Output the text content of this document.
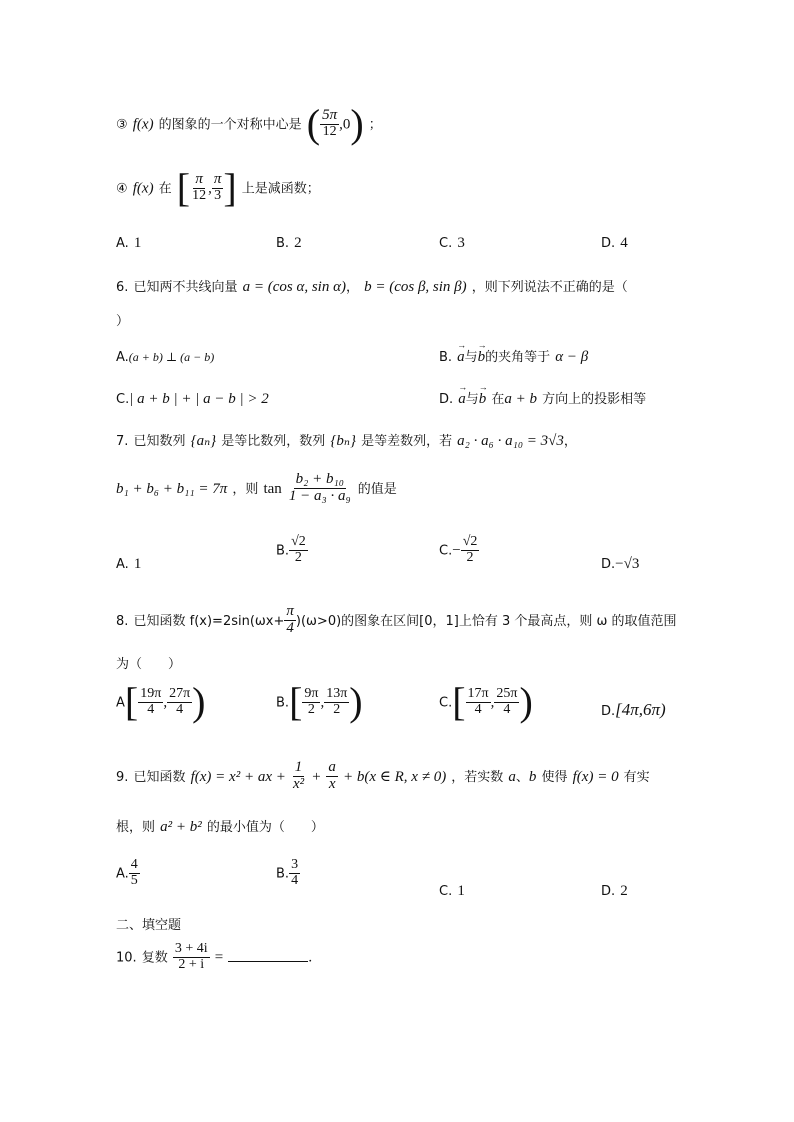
③ f(x) 的图象的一个对称中心是 ( $\frac{5\pi}{12} ,0$) ；
④ f(x) 在 [ $\frac{\pi}{12}$ , $\frac{\pi}{3}$ ] 上是减函数；
A. 1	B. 2	C. 3	D. 4
6. 已知两不共线向量 a = (cos α, sin α)， b = (cos β, sin β) ，则下列说法不正确的是（
）
A.(a + b) ⊥ (a − b)	B. → a与→ b的夹角等于 α − β
C.| a + b | + | a − b | > 2	D. → a与→ b 在a + b 方向上的投影相等
7. 已知数列 {aₙ} 是等比数列，数列 {bₙ} 是等差数列，若 a₂ · a₆ · a₁₀ = 3√3，
b₁ + b₆ + b₁₁ = 7π ，则 $\tan \frac{\text{b₂ + b₁₀}}{\text{1 − a₃ · a₉}}$ 的值是
A. 1
B. $\frac{√2}{2}$	$C.- \frac{√2}{2}$	D.−√3
8. 已知函数 $f(x)=2\sin(\omega x+ \frac{\pi}{4} )(\omega>0)$的图象在区间[0，1]上恰有 3 个最高点，则 ω 的取值范围
为（　　）
$A[ \frac{19\pi}{4}$ , $\frac{27\pi}{4}$ )	$B.[ \frac{9\pi}{2}$ , $\frac{13\pi}{2}$ )	$C.[ \frac{17\pi}{4}$ , $\frac{25\pi}{4}$ )	D.[4π,6π)
9. 已知函数 f(x) = x² + ax + $\frac{1}{\text{x²}} + \frac{a}{x} + b(x$ ∈ R, x ≠ 0) ，若实数 a、b 使得 f(x) = 0 有实
根，则 a² + b² 的最小值为（　　）
A. $\frac{4}{5}$	B. $\frac{3}{4}$
C. 1	D. 2
二、填空题
10. 复数 $\frac{3 + 4i}{2 + i}$ =	.
